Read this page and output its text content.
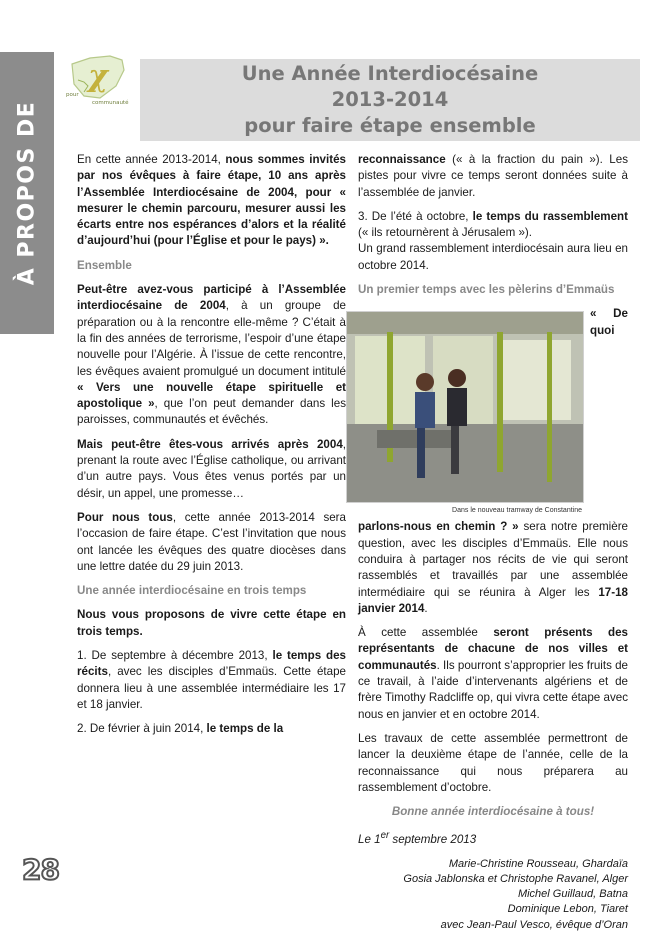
À PROPOS DE
χ
pour
communauté
Une Année Interdiocésaine
2013-2014
pour faire étape ensemble

En cette année 2013-2014, nous sommes invités par nos évêques à faire étape, 10 ans après l’Assemblée Interdiocésaine de 2004, pour « mesurer le chemin parcouru, mesurer aussi les écarts entre nos espérances d’alors et la réalité d’aujourd’hui (pour l’Église et pour le pays) ».

Ensemble

Peut-être avez-vous participé à l’Assemblée interdiocésaine de 2004, à un groupe de préparation ou à la rencontre elle-même ? C’était à la fin des années de terrorisme, l’espoir d’une étape nouvelle pour l’Algérie. À l’issue de cette rencontre, les évêques avaient promulgué un document intitulé « Vers une nouvelle étape spirituelle et apostolique », que l’on peut demander dans les paroisses, communautés et évêchés.

Mais peut-être êtes-vous arrivés après 2004, prenant la route avec l’Église catholique, ou arrivant d’un autre pays. Vous êtes venus portés par un désir, un appel, une promesse…

Pour nous tous, cette année 2013-2014 sera l’occasion de faire étape. C’est l’invitation que nous ont lancée les évêques des quatre diocèses dans une lettre datée du 29 juin 2013.

Une année interdiocésaine en trois temps

Nous vous proposons de vivre cette étape en trois temps.

1. De septembre à décembre 2013, le temps des récits, avec les disciples d’Emmaüs. Cette étape donnera lieu à une assemblée intermédiaire les 17 et 18 janvier.

2. De février à juin 2014, le temps de la

reconnaissance (« à la fraction du pain »). Les pistes pour vivre ce temps seront données suite à l’assemblée de janvier.

3. De l’été à octobre, le temps du rassemblement (« ils retournèrent à Jérusalem »).

Un grand rassemblement interdiocésain aura lieu en octobre 2014.

Un premier temps avec les pèlerins d’Emmaüs

Dans le nouveau tramway de Constantine

« De quoi parlons-nous en chemin ? » sera notre première question, avec les disciples d’Emmaüs. Elle nous conduira à partager nos récits de vie qui seront rassemblés et travaillés par une assemblée intermédiaire qui se réunira à Alger les 17-18 janvier 2014.

À cette assemblée seront présents des représentants de chacune de nos villes et communautés. Ils pourront s’approprier les fruits de ce travail, à l’aide d’intervenants algériens et de frère Timothy Radcliffe op, qui vivra cette étape avec nous en janvier et en octobre 2014.

Les travaux de cette assemblée permettront de lancer la deuxième étape de l’année, celle de la reconnaissance qui nous préparera au rassemblement d’octobre.

Bonne année interdiocésaine à tous!

Le 1er septembre 2013

Marie-Christine Rousseau, Ghardaïa
Gosia Jablonska et Christophe Ravanel, Alger
Michel Guillaud, Batna
Dominique Lebon, Tiaret
avec Jean-Paul Vesco, évêque d’Oran
28
